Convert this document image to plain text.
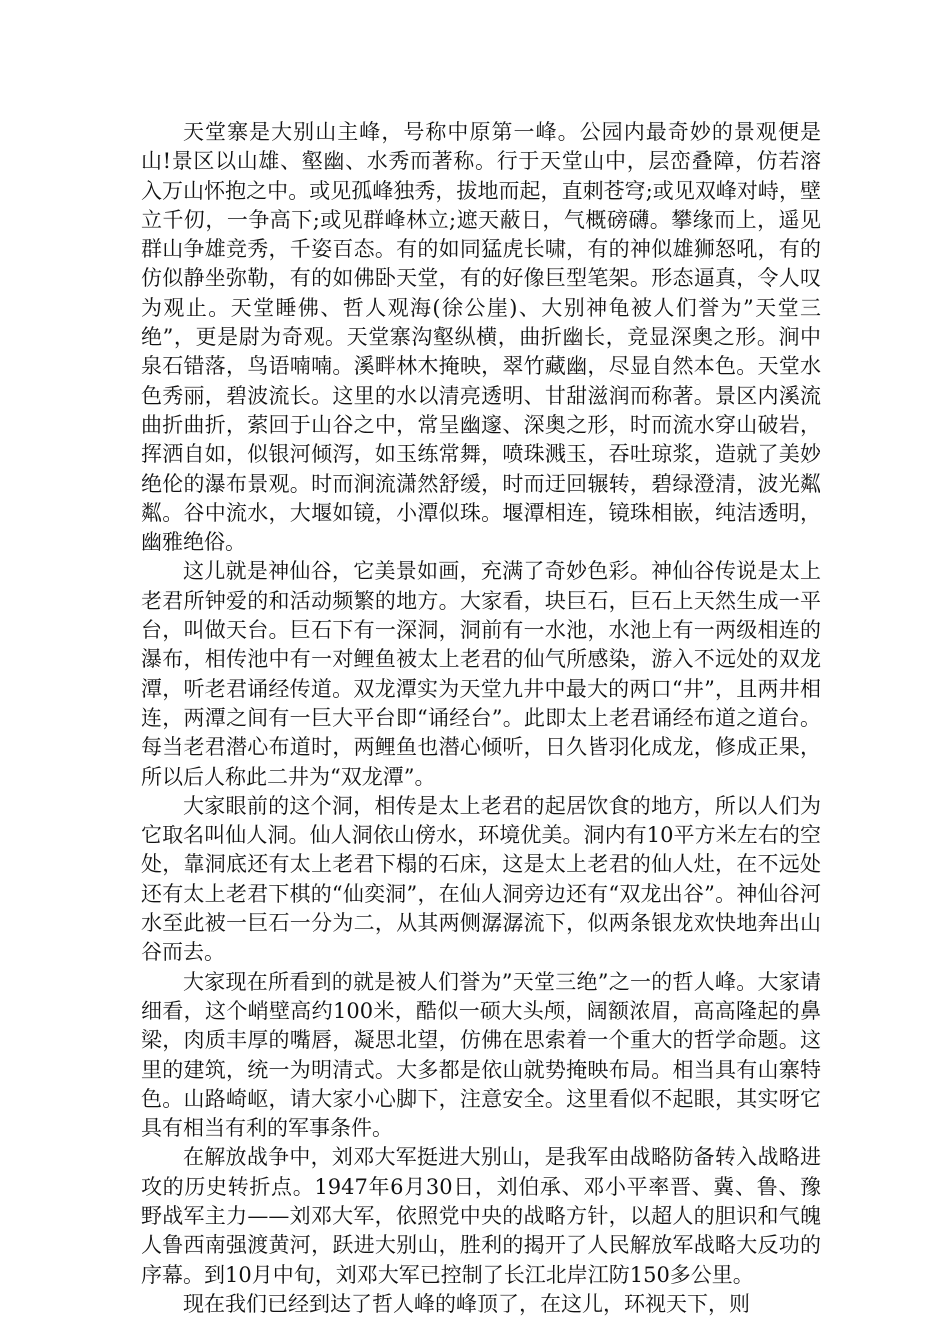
天堂寨是大别山主峰，号称中原第一峰。公园内最奇妙的景观便是山!景区以山雄、壑幽、水秀而著称。行于天堂山中，层峦叠障，仿若溶入万山怀抱之中。或见孤峰独秀，拔地而起，直刺苍穹;或见双峰对峙，壁立千仞，一争高下;或见群峰林立;遮天蔽日，气概磅礴。攀缘而上，遥见群山争雄竞秀，千姿百态。有的如同猛虎长啸，有的神似雄狮怒吼，有的仿似静坐弥勒，有的如佛卧天堂，有的好像巨型笔架。形态逼真，令人叹为观止。天堂睡佛、哲人观海(徐公崖)、大别神龟被人们誉为”天堂三绝”，更是尉为奇观。天堂寨沟壑纵横，曲折幽长，竞显深奥之形。涧中泉石错落，鸟语喃喃。溪畔林木掩映，翠竹藏幽，尽显自然本色。天堂水色秀丽，碧波流长。这里的水以清亮透明、甘甜滋润而称著。景区内溪流曲折曲折，萦回于山谷之中，常呈幽邃、深奥之形，时而流水穿山破岩，挥洒自如，似银河倾泻，如玉练常舞，喷珠溅玉，吞吐琼浆，造就了美妙绝伦的瀑布景观。时而涧流潇然舒缓，时而迂回辗转，碧绿澄清，波光粼粼。谷中流水，大堰如镜，小潭似珠。堰潭相连，镜珠相嵌，纯洁透明，幽雅绝俗。

这儿就是神仙谷，它美景如画，充满了奇妙色彩。神仙谷传说是太上老君所钟爱的和活动频繁的地方。大家看，块巨石，巨石上天然生成一平台，叫做天台。巨石下有一深洞，洞前有一水池，水池上有一两级相连的瀑布，相传池中有一对鲤鱼被太上老君的仙气所感染，游入不远处的双龙潭，听老君诵经传道。双龙潭实为天堂九井中最大的两口“井”，且两井相连，两潭之间有一巨大平台即“诵经台”。此即太上老君诵经布道之道台。每当老君潜心布道时，两鲤鱼也潜心倾听，日久皆羽化成龙，修成正果，所以后人称此二井为“双龙潭”。

大家眼前的这个洞，相传是太上老君的起居饮食的地方，所以人们为它取名叫仙人洞。仙人洞依山傍水，环境优美。洞内有10平方米左右的空处，靠洞底还有太上老君下榻的石床，这是太上老君的仙人灶，在不远处还有太上老君下棋的“仙奕洞”，在仙人洞旁边还有“双龙出谷”。神仙谷河水至此被一巨石一分为二，从其两侧潺潺流下，似两条银龙欢快地奔出山谷而去。

大家现在所看到的就是被人们誉为”天堂三绝”之一的哲人峰。大家请细看，这个峭壁高约100米，酷似一硕大头颅，阔额浓眉，高高隆起的鼻梁，肉质丰厚的嘴唇，凝思北望，仿佛在思索着一个重大的哲学命题。这里的建筑，统一为明清式。大多都是依山就势掩映布局。相当具有山寨特色。山路崎岖，请大家小心脚下，注意安全。这里看似不起眼，其实呀它具有相当有利的军事条件。

在解放战争中，刘邓大军挺进大别山，是我军由战略防备转入战略进攻的历史转折点。1947年6月30日，刘伯承、邓小平率晋、冀、鲁、豫野战军主力——刘邓大军，依照党中央的战略方针，以超人的胆识和气魄人鲁西南强渡黄河，跃进大别山，胜利的揭开了人民解放军战略大反功的序幕。到10月中旬，刘邓大军已控制了长江北岸江防150多公里。

现在我们已经到达了哲人峰的峰顶了，在这儿，环视天下，则
